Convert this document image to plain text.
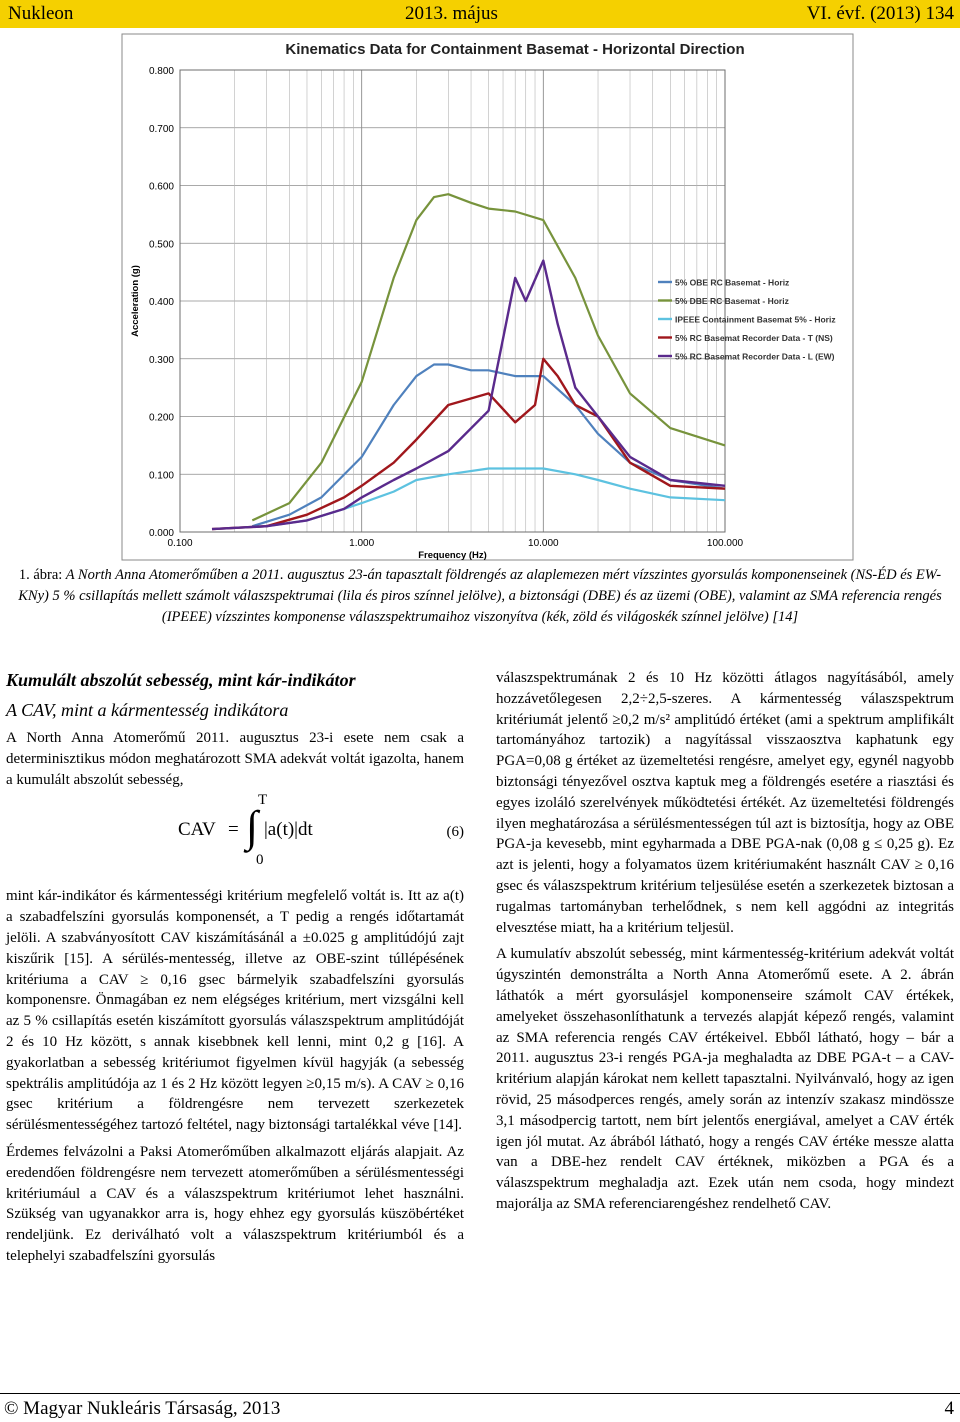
Nukleon	2013. május	VI. évf. (2013) 134
0.000
0.100
0.200
0.300
0.400
0.500
0.600
0.700
0.800
0.100	1.000	10.000	100.000
Kinematics Data for Containment Basemat - Horizontal Direction
Frequency (Hz)
Acceleration (g)	5% OBE RC Basemat - Horiz
5% DBE RC Basemat - Horiz
IPEEE Containment Basemat 5% - Horiz
5% RC Basemat Recorder Data - T (NS)
5% RC Basemat Recorder Data - L (EW)
1. ábra: A North Anna Atomerőműben a 2011. augusztus 23-án tapasztalt földrengés az alaplemezen mért vízszintes gyorsulás komponenseinek (NS-ÉD és EW-KNy) 5 % csillapítás mellett számolt válaszspektrumai (lila és piros színnel jelölve), a biztonsági (DBE) és az üzemi (OBE), valamint az SMA referencia rengés (IPEEE) vízszintes komponense válaszspektrumaihoz viszonyítva (kék, zöld és világoskék színnel jelölve) [14]
Kumulált abszolút sebesség, mint kár-indikátor
A CAV, mint a kármentesség indikátora

A North Anna Atomerőmű 2011. augusztus 23-i esete nem csak a determinisztikus módon meghatározott SMA adekvát voltát igazolta, hanem a kumulált abszolút sebesség,

CAV =
T
∫
0
|a(t)|dt	(6)

mint kár-indikátor és kármentességi kritérium megfelelő voltát is. Itt az a(t) a szabadfelszíni gyorsulás komponensét, a T pedig a rengés időtartamát jelöli. A szabványosított CAV kiszámításánál a ±0.025 g amplitúdójú zajt kiszűrik [15]. A sérülés-mentesség, illetve az OBE-szint túllépésének kritériuma a CAV ≥ 0,16 gsec bármelyik szabadfelszíni gyorsulás komponensre. Önmagában ez nem elégséges kritérium, mert vizsgálni kell az 5 % csillapítás esetén kiszámított gyorsulás válaszspektrum amplitúdóját 2 és 10 Hz között, s annak kisebbnek kell lenni, mint 0,2 g [16]. A gyakorlatban a sebesség kritériumot figyelmen kívül hagyják (a sebesség spektrális amplitúdója az 1 és 2 Hz között legyen ≥0,15 m/s). A CAV ≥ 0,16 gsec kritérium a földrengésre nem tervezett szerkezetek sérülésmentességéhez tartozó feltétel, nagy biztonsági tartalékkal véve [14].

Érdemes felvázolni a Paksi Atomerőműben alkalmazott eljárás alapjait. Az eredendően földrengésre nem tervezett atomerőműben a sérülésmentességi kritériumául a CAV és a válaszspektrum kritériumot lehet használni. Szükség van ugyanakkor arra is, hogy ehhez egy gyorsulás küszöbértéket rendeljünk. Ez deriválható volt a válaszspektrum kritériumból és a telephelyi szabadfelszíni gyorsulás

válaszspektrumának 2 és 10 Hz közötti átlagos nagyításából, amely hozzávetőlegesen 2,2÷2,5-szeres. A kármentesség válaszspektrum kritériumát jelentő ≥0,2 m/s² amplitúdó értéket (ami a spektrum amplifikált tartományához tartozik) a nagyítással visszaosztva kaphatunk egy PGA=0,08 g értéket az üzemeltetési rengésre, amelyet egy, egynél nagyobb biztonsági tényezővel osztva kaptuk meg a földrengés esetére a riasztási és egyes izoláló szerelvények működtetési értékét. Az üzemeltetési földrengés ilyen meghatározása a sérülésmentességen túl azt is biztosítja, hogy az OBE PGA-ja kevesebb, mint egyharmada a DBE PGA-nak (0,08 g ≤ 0,25 g). Ez azt is jelenti, hogy a folyamatos üzem kritériumaként használt CAV ≥ 0,16 gsec és válaszspektrum kritérium teljesülése esetén a szerkezetek biztosan a rugalmas tartományban terhelődnek, s nem kell aggódni az integritás elvesztése miatt, ha a kritérium teljesül.

A kumulatív abszolút sebesség, mint kármentesség-kritérium adekvát voltát úgyszintén demonstrálta a North Anna Atomerőmű esete. A 2. ábrán láthatók a mért gyorsulásjel komponenseire számolt CAV értékek, amelyeket összehasonlíthatunk a tervezés alapját képező rengés, valamint az SMA referencia rengés CAV értékeivel. Ebből látható, hogy – bár a 2011. augusztus 23-i rengés PGA-ja meghaladta az DBE PGA-t – a CAV-kritérium alapján károkat nem kellett tapasztalni. Nyilvánvaló, hogy az igen rövid, 25 másodperces rengés, amely során az intenzív szakasz mindössze 3,1 másodpercig tartott, nem bírt jelentős energiával, amelyet a CAV érték igen jól mutat. Az ábrából látható, hogy a rengés CAV értéke messze alatta van a DBE-hez rendelt CAV értéknek, miközben a PGA és a válaszspektrum meghaladja azt. Ezek után nem csoda, hogy mindezt majorálja az SMA referenciarengéshez rendelhető CAV.

© Magyar Nukleáris Társaság, 2013	4
